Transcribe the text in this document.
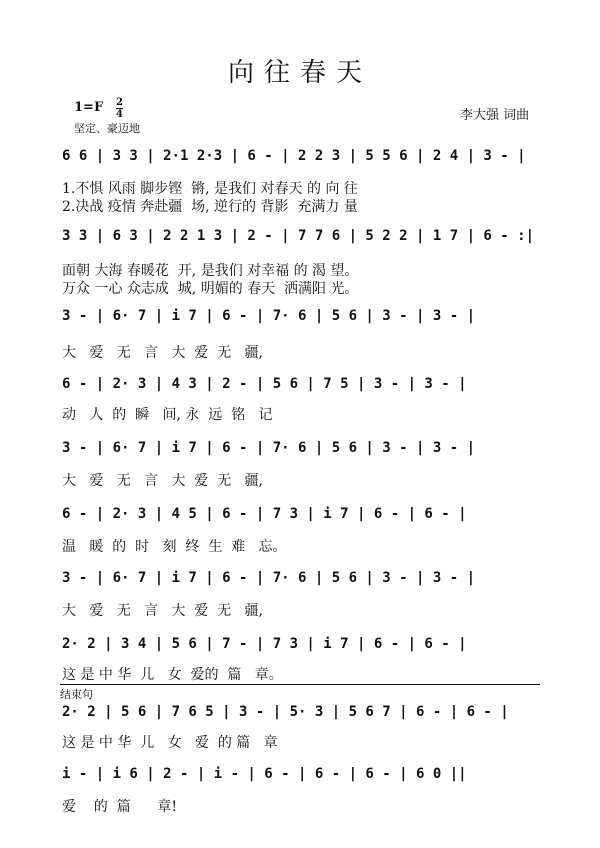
向往春天
1=F 2
4
坚定、豪迈地
李大强 词曲
6 6 | 3 3 | 2·1 2·3 | 6 - | 2 2 3 | 5 5 6 | 2 4 | 3 - |
1.不惧 风雨 脚步铿  锵, 是我们 对春天 的 向 往
2.决战 疫情 奔赴疆  场, 逆行的 背影  充满力 量
3 3 | 6 3 | 2 2 1 3 | 2 - | 7 7 6 | 5 2 2 | 1 7 | 6 - :|
面朝 大海 春暖花  开, 是我们 对幸福 的 渴 望。
万众 一心 众志成  城, 明媚的 春天  洒满阳 光。
3 - | 6· 7 | i 7 | 6 - | 7· 6 | 5 6 | 3 - | 3 - |
大   爱   无   言   大  爱  无   疆,
6 - | 2· 3 | 4 3 | 2 - | 5 6 | 7 5 | 3 - | 3 - |
动   人  的  瞬   间, 永  远  铭   记
3 - | 6· 7 | i 7 | 6 - | 7· 6 | 5 6 | 3 - | 3 - |
大   爱   无   言   大  爱  无   疆,
6 - | 2· 3 | 4 5 | 6 - | 7 3 | i 7 | 6 - | 6 - |
温   暖  的  时   刻  终  生  难   忘。
3 - | 6· 7 | i 7 | 6 - | 7· 6 | 5 6 | 3 - | 3 - |
大   爱   无   言   大  爱  无   疆,
2· 2 | 3 4 | 5 6 | 7 - | 7 3 | i 7 | 6 - | 6 - |
这 是 中 华  儿   女  爱的  篇   章。
结束句
2· 2 | 5 6 | 7 6 5 | 3 - | 5· 3 | 5 6 7 | 6 - | 6 - |
这 是 中 华  儿   女   爱  的 篇   章
i - | i 6 | 2 - | i - | 6 - | 6 - | 6 - | 6 0 ||
爱    的  篇      章!
